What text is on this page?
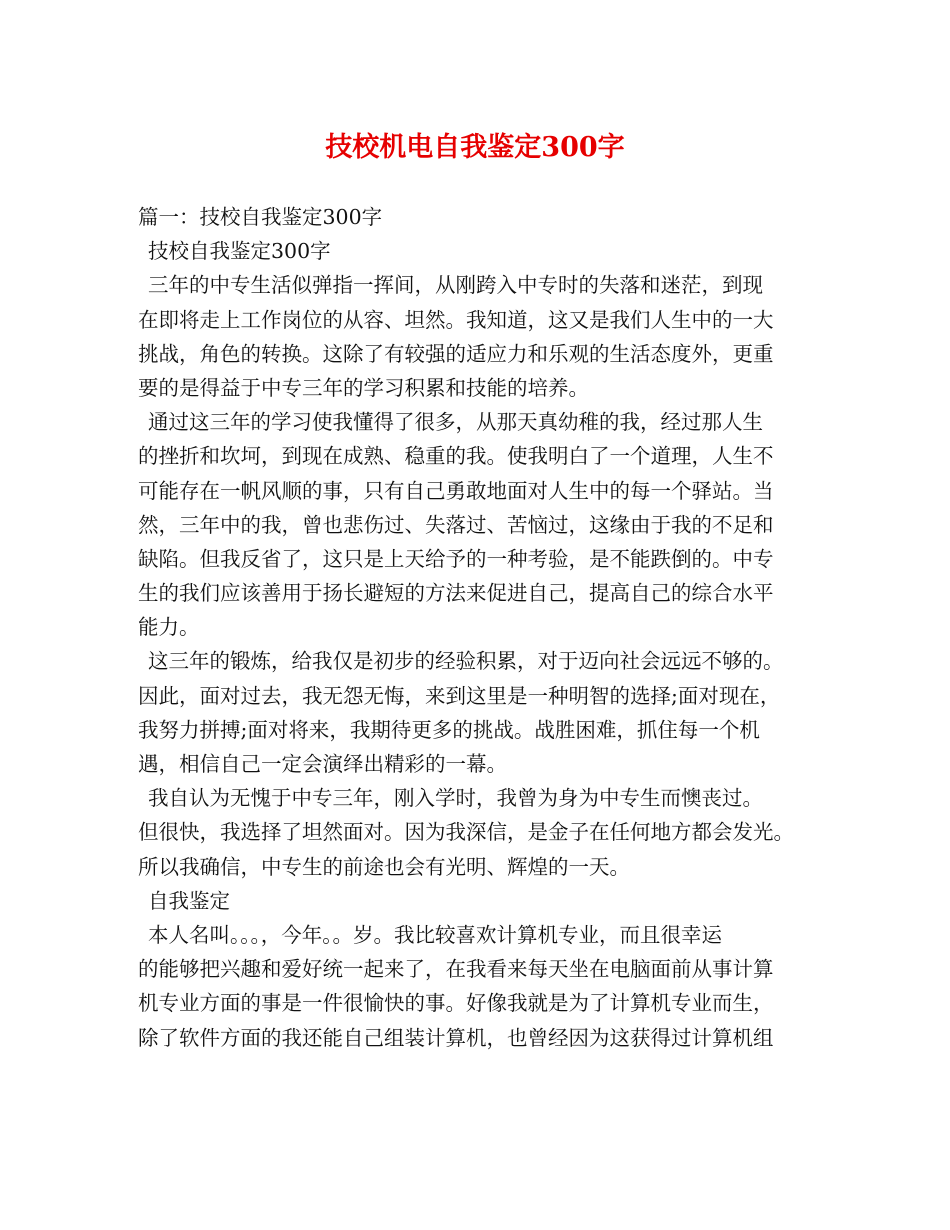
技校机电自我鉴定300字
篇一：技校自我鉴定300字
技校自我鉴定300字
三年的中专生活似弹指一挥间，从刚跨入中专时的失落和迷茫，到现
在即将走上工作岗位的从容、坦然。我知道，这又是我们人生中的一大
挑战，角色的转换。这除了有较强的适应力和乐观的生活态度外，更重
要的是得益于中专三年的学习积累和技能的培养。
通过这三年的学习使我懂得了很多，从那天真幼稚的我，经过那人生
的挫折和坎坷，到现在成熟、稳重的我。使我明白了一个道理，人生不
可能存在一帆风顺的事，只有自己勇敢地面对人生中的每一个驿站。当
然，三年中的我，曾也悲伤过、失落过、苦恼过，这缘由于我的不足和
缺陷。但我反省了，这只是上天给予的一种考验，是不能跌倒的。中专
生的我们应该善用于扬长避短的方法来促进自己，提高自己的综合水平
能力。
这三年的锻炼，给我仅是初步的经验积累，对于迈向社会远远不够的。
因此，面对过去，我无怨无悔，来到这里是一种明智的选择;面对现在，
我努力拼搏;面对将来，我期待更多的挑战。战胜困难，抓住每一个机
遇，相信自己一定会演绎出精彩的一幕。
我自认为无愧于中专三年，刚入学时，我曾为身为中专生而懊丧过。
但很快，我选择了坦然面对。因为我深信，是金子在任何地方都会发光。
所以我确信，中专生的前途也会有光明、辉煌的一天。
自我鉴定
本人名叫。。。，今年。。岁。我比较喜欢计算机专业，而且很幸运
的能够把兴趣和爱好统一起来了，在我看来每天坐在电脑面前从事计算
机专业方面的事是一件很愉快的事。好像我就是为了计算机专业而生，
除了软件方面的我还能自己组装计算机，也曾经因为这获得过计算机组
